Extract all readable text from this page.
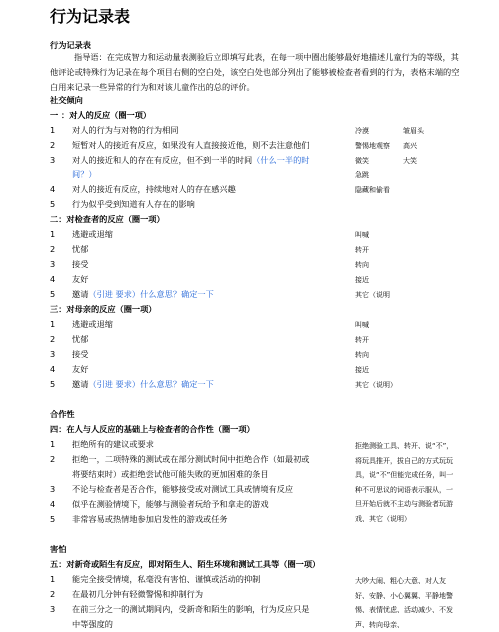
行为记录表
行为记录表
指导语：在完成智力和运动量表测验后立即填写此表，在每一项中圈出能够最好地描述儿童行为的等级，其他评论或特殊行为记录在每个项目右侧的空白处，该空白处也部分列出了能够被检查者看到的行为，表格末端的空白用来记录一些异常的行为和对该儿童作出的总的评价。
社交倾向
一 ：对人的反应（圈一项）
1 对人的行为与对物的行为相同
2 短暂对人的接近有反应，如果没有人直接接近他，则不去注意他们
3 对人的接近和人的存在有反应，但不到一半的时间（什么一半的时
间？）
4 对人的接近有反应，持续地对人的存在感兴趣
5 行为似乎受到知道有人存在的影响
冷漠	皱眉头
警惕地观察 高兴
微笑	大笑
急跳
隐藏和偷看
二：对检查者的反应（圈一项）
1 逃避或退缩
2 忧郁
3 接受
4 友好
5 邀请（引进 要求）什么意思？确定一下
叫喊
转开
转向
接近
其它（说明
三：对母亲的反应（圈一项）
1 逃避或退缩
2 忧郁
3 接受
4 友好
5 邀请（引进 要求）什么意思？确定一下
叫喊
转开
转向
接近
其它（说明）
合作性
四：在人与人反应的基础上与检查者的合作性（圈一项）
1 拒绝所有的建议或要求
2 拒绝一，二项特殊的测试或在部分测试时间中拒绝合作（如最初或
将要结束时）或拒绝尝试他可能失败的更加困难的条目
3 不论与检查者是否合作，能够接受或对测试工具或情境有反应
4 似乎在测验情境下，能够与测验者玩给予和拿走的游戏
5 非常容易或热情地参加启发性的游戏或任务
拒绝测验工具、转开、说“不”，将玩具推开，拔自己的方式玩玩具，说“不”但能完成任务，叫一种不可思议的词语表示服从，一旦开始后就不主动与测验者玩游戏、其它（说明）
害怕
五：对新奇或陌生有反应，即对陌生人、陌生环境和测试工具等（圈一项）
1 能完全接受情境，私毫没有害怕、谨慎或活动的抑制
2 在最初几分钟有轻微警惕和抑制行为
3 在前三分之一的测试期间内，受新奇和陌生的影响，行为反应只是
中等强度的
大吵大闹、粗心大意、对人友好、安静、小心翼翼、平静地警惕、表情忧虑、活动减少、不发声、转向母亲、
